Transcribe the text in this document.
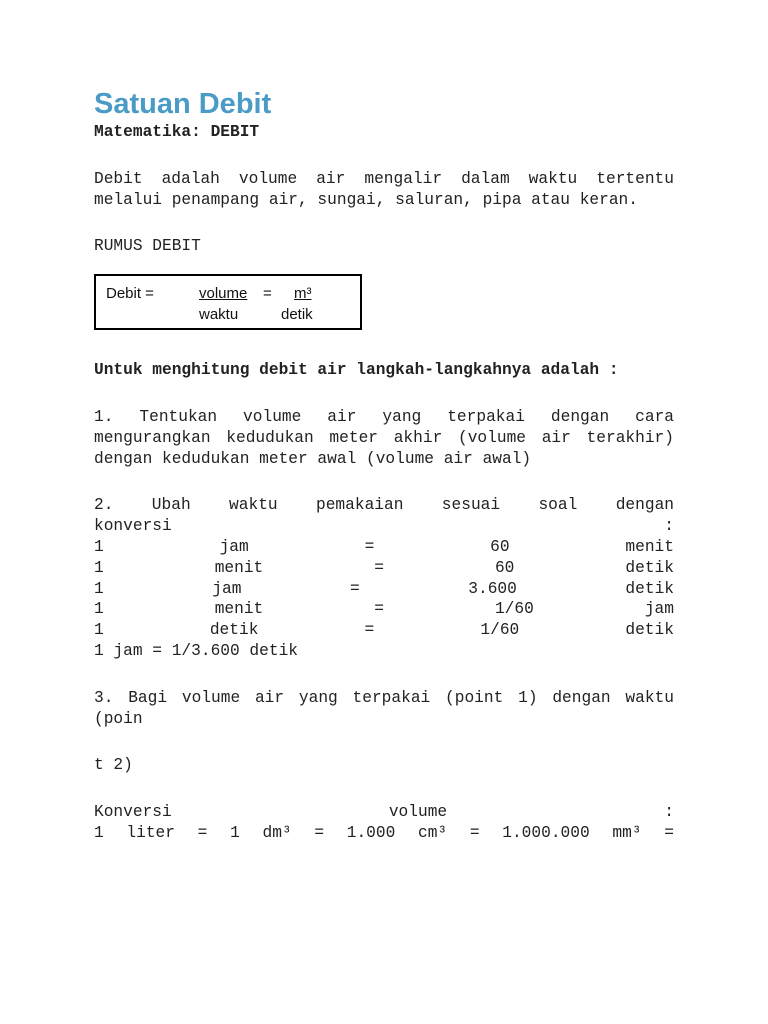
Satuan Debit
Matematika: DEBIT

Debit adalah volume air mengalir dalam waktu tertentu melalui penampang air, sungai, saluran, pipa atau keran.

RUMUS DEBIT
Debit =	volume =	m³
waktu	detik

Untuk menghitung debit air langkah-langkahnya adalah :

1. Tentukan volume air yang terpakai dengan cara mengurangkan kedudukan meter akhir (volume air terakhir) dengan kedudukan meter awal (volume air awal)

2. Ubah waktu pemakaian sesuai soal dengan

konversi	:
1	jam	=	60	menit
1	menit	=	60	detik
1	jam	=	3.600	detik
1	menit	=	1/60	jam
1	detik	=	1/60	detik
1 jam = 1/3.600 detik

3. Bagi volume air yang terpakai (point 1) dengan waktu (poin

t 2)
Konversi	volume	:
1 liter = 1 dm³ = 1.000 cm³ = 1.000.000 mm³ =
